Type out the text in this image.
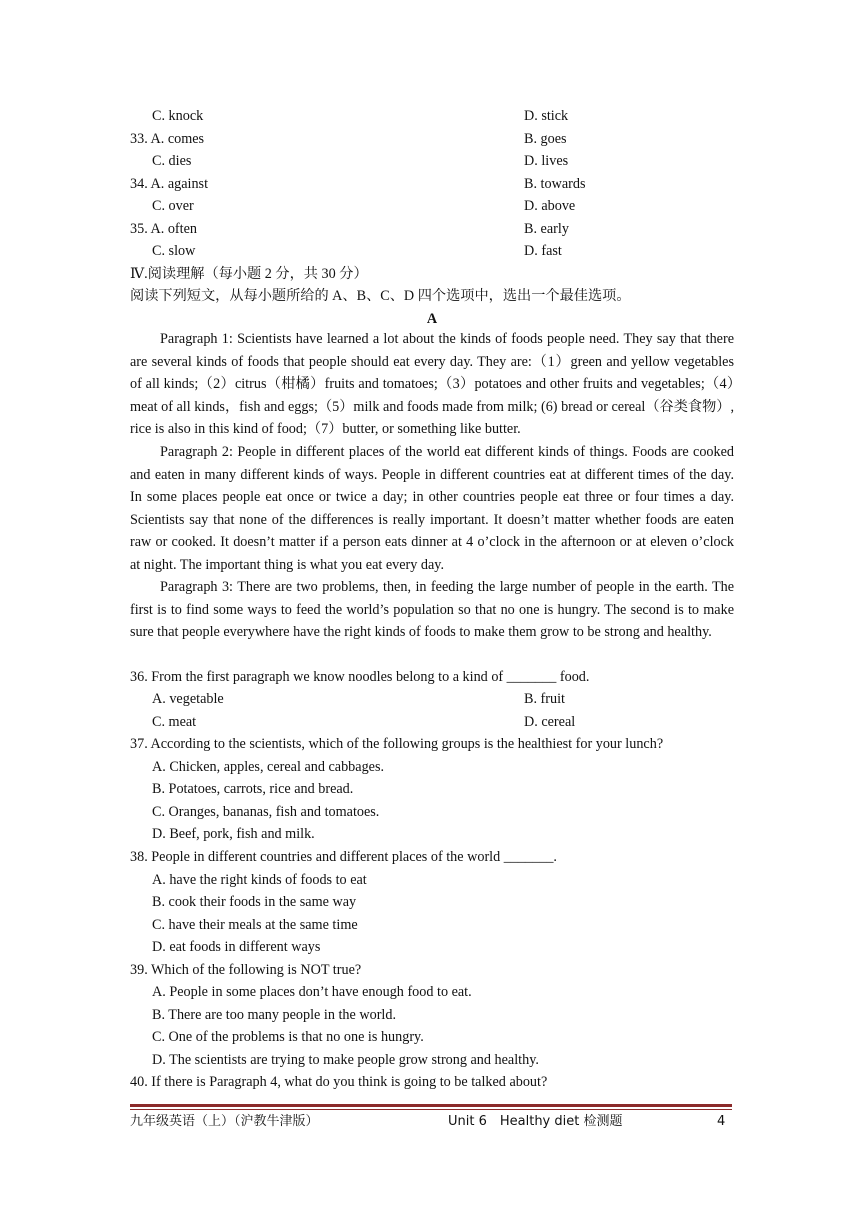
C. knock	D. stick
33. A. comes	B. goes
C. dies	D. lives
34. A. against	B. towards
C. over	D. above
35. A. often	B. early
C. slow	D. fast
Ⅳ.阅读理解（每小题 2 分，共 30 分）
阅读下列短文，从每小题所给的 A、B、C、D 四个选项中，选出一个最佳选项。
A
Paragraph 1: Scientists have learned a lot about the kinds of foods people need. They say that there are several kinds of foods that people should eat every day. They are:（1）green and yellow vegetables of all kinds;（2）citrus（柑橘）fruits and tomatoes;（3）potatoes and other fruits and vegetables;（4）meat of all kinds，fish and eggs;（5）milk and foods made from milk; (6) bread or cereal（谷类食物）, rice is also in this kind of food;（7）butter, or something like butter.
Paragraph 2: People in different places of the world eat different kinds of things. Foods are cooked and eaten in many different kinds of ways. People in different countries eat at different times of the day. In some places people eat once or twice a day; in other countries people eat three or four times a day. Scientists say that none of the differences is really important. It doesn’t matter whether foods are eaten raw or cooked. It doesn’t matter if a person eats dinner at 4 o’clock in the afternoon or at eleven o’clock at night. The important thing is what you eat every day.
Paragraph 3: There are two problems, then, in feeding the large number of people in the earth. The first is to find some ways to feed the world’s population so that no one is hungry. The second is to make sure that people everywhere have the right kinds of foods to make them grow to be strong and healthy.
36. From the first paragraph we know noodles belong to a kind of _______ food.
A. vegetable	B. fruit
C. meat	D. cereal
37. According to the scientists, which of the following groups is the healthiest for your lunch?
A. Chicken, apples, cereal and cabbages.
B. Potatoes, carrots, rice and bread.
C. Oranges, bananas, fish and tomatoes.
D. Beef, pork, fish and milk.
38. People in different countries and different places of the world _______.
A. have the right kinds of foods to eat
B. cook their foods in the same way
C. have their meals at the same time
D. eat foods in different ways
39. Which of the following is NOT true?
A. People in some places don’t have enough food to eat.
B. There are too many people in the world.
C. One of the problems is that no one is hungry.
D. The scientists are trying to make people grow strong and healthy.
40. If there is Paragraph 4, what do you think is going to be talked about?
九年级英语（上）（沪教牛津版）	Unit 6　Healthy diet 检测题	4
